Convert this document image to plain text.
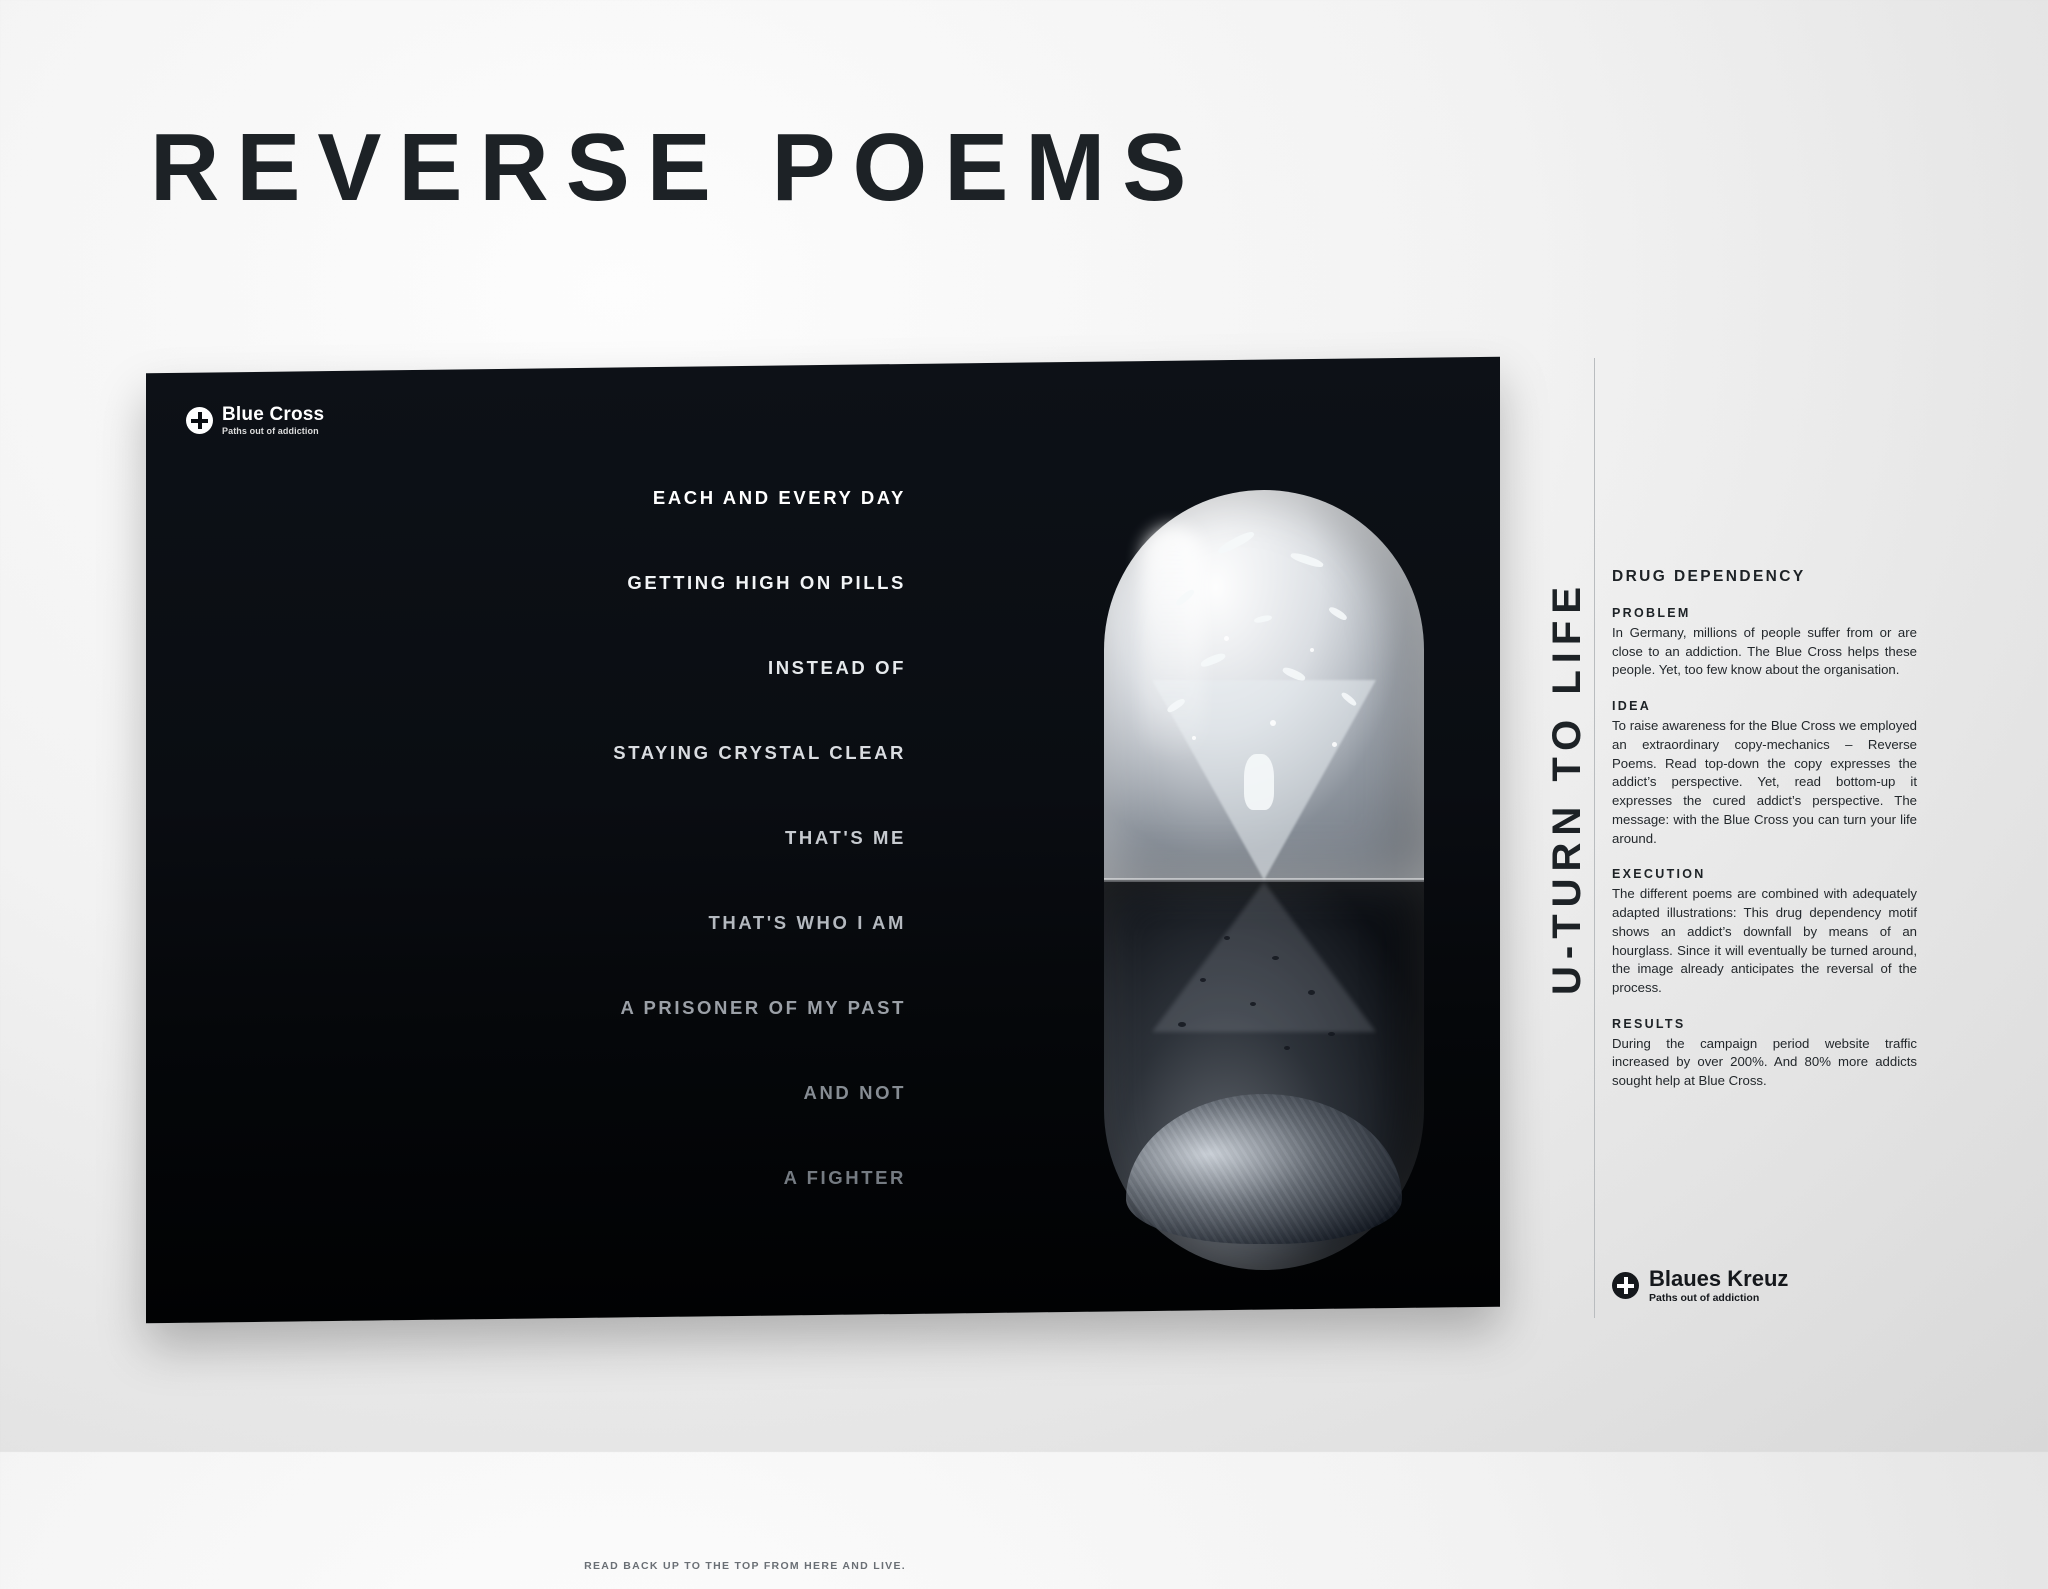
REVERSE POEMS
Blue Cross
Paths out of addiction
EACH AND EVERY DAY
GETTING HIGH ON PILLS
INSTEAD OF
STAYING CRYSTAL CLEAR
THAT'S ME
THAT'S WHO I AM
A PRISONER OF MY PAST
AND NOT
A FIGHTER
READ BACK UP TO THE TOP FROM HERE AND LIVE.
U-TURN TO LIFE
DRUG DEPENDENCY
PROBLEM
In Germany, millions of people suffer from or are close to an addiction. The Blue Cross helps these people. Yet, too few know about the organisation.
IDEA
To raise awareness for the Blue Cross we employed an extraordinary copy-mechanics – Reverse Poems. Read top-down the copy expresses the addict’s perspective. Yet, read bottom-up it expresses the cured addict’s perspective. The message: with the Blue Cross you can turn your life around.
EXECUTION
The different poems are combined with adequately adapted illustrations: This drug dependency motif shows an addict’s downfall by means of an hourglass. Since it will eventually be turned around, the image already anticipates the reversal of the process.
RESULTS
During the campaign period website traffic increased by over 200%. And 80% more addicts sought help at Blue Cross.
Blaues Kreuz
Paths out of addiction
